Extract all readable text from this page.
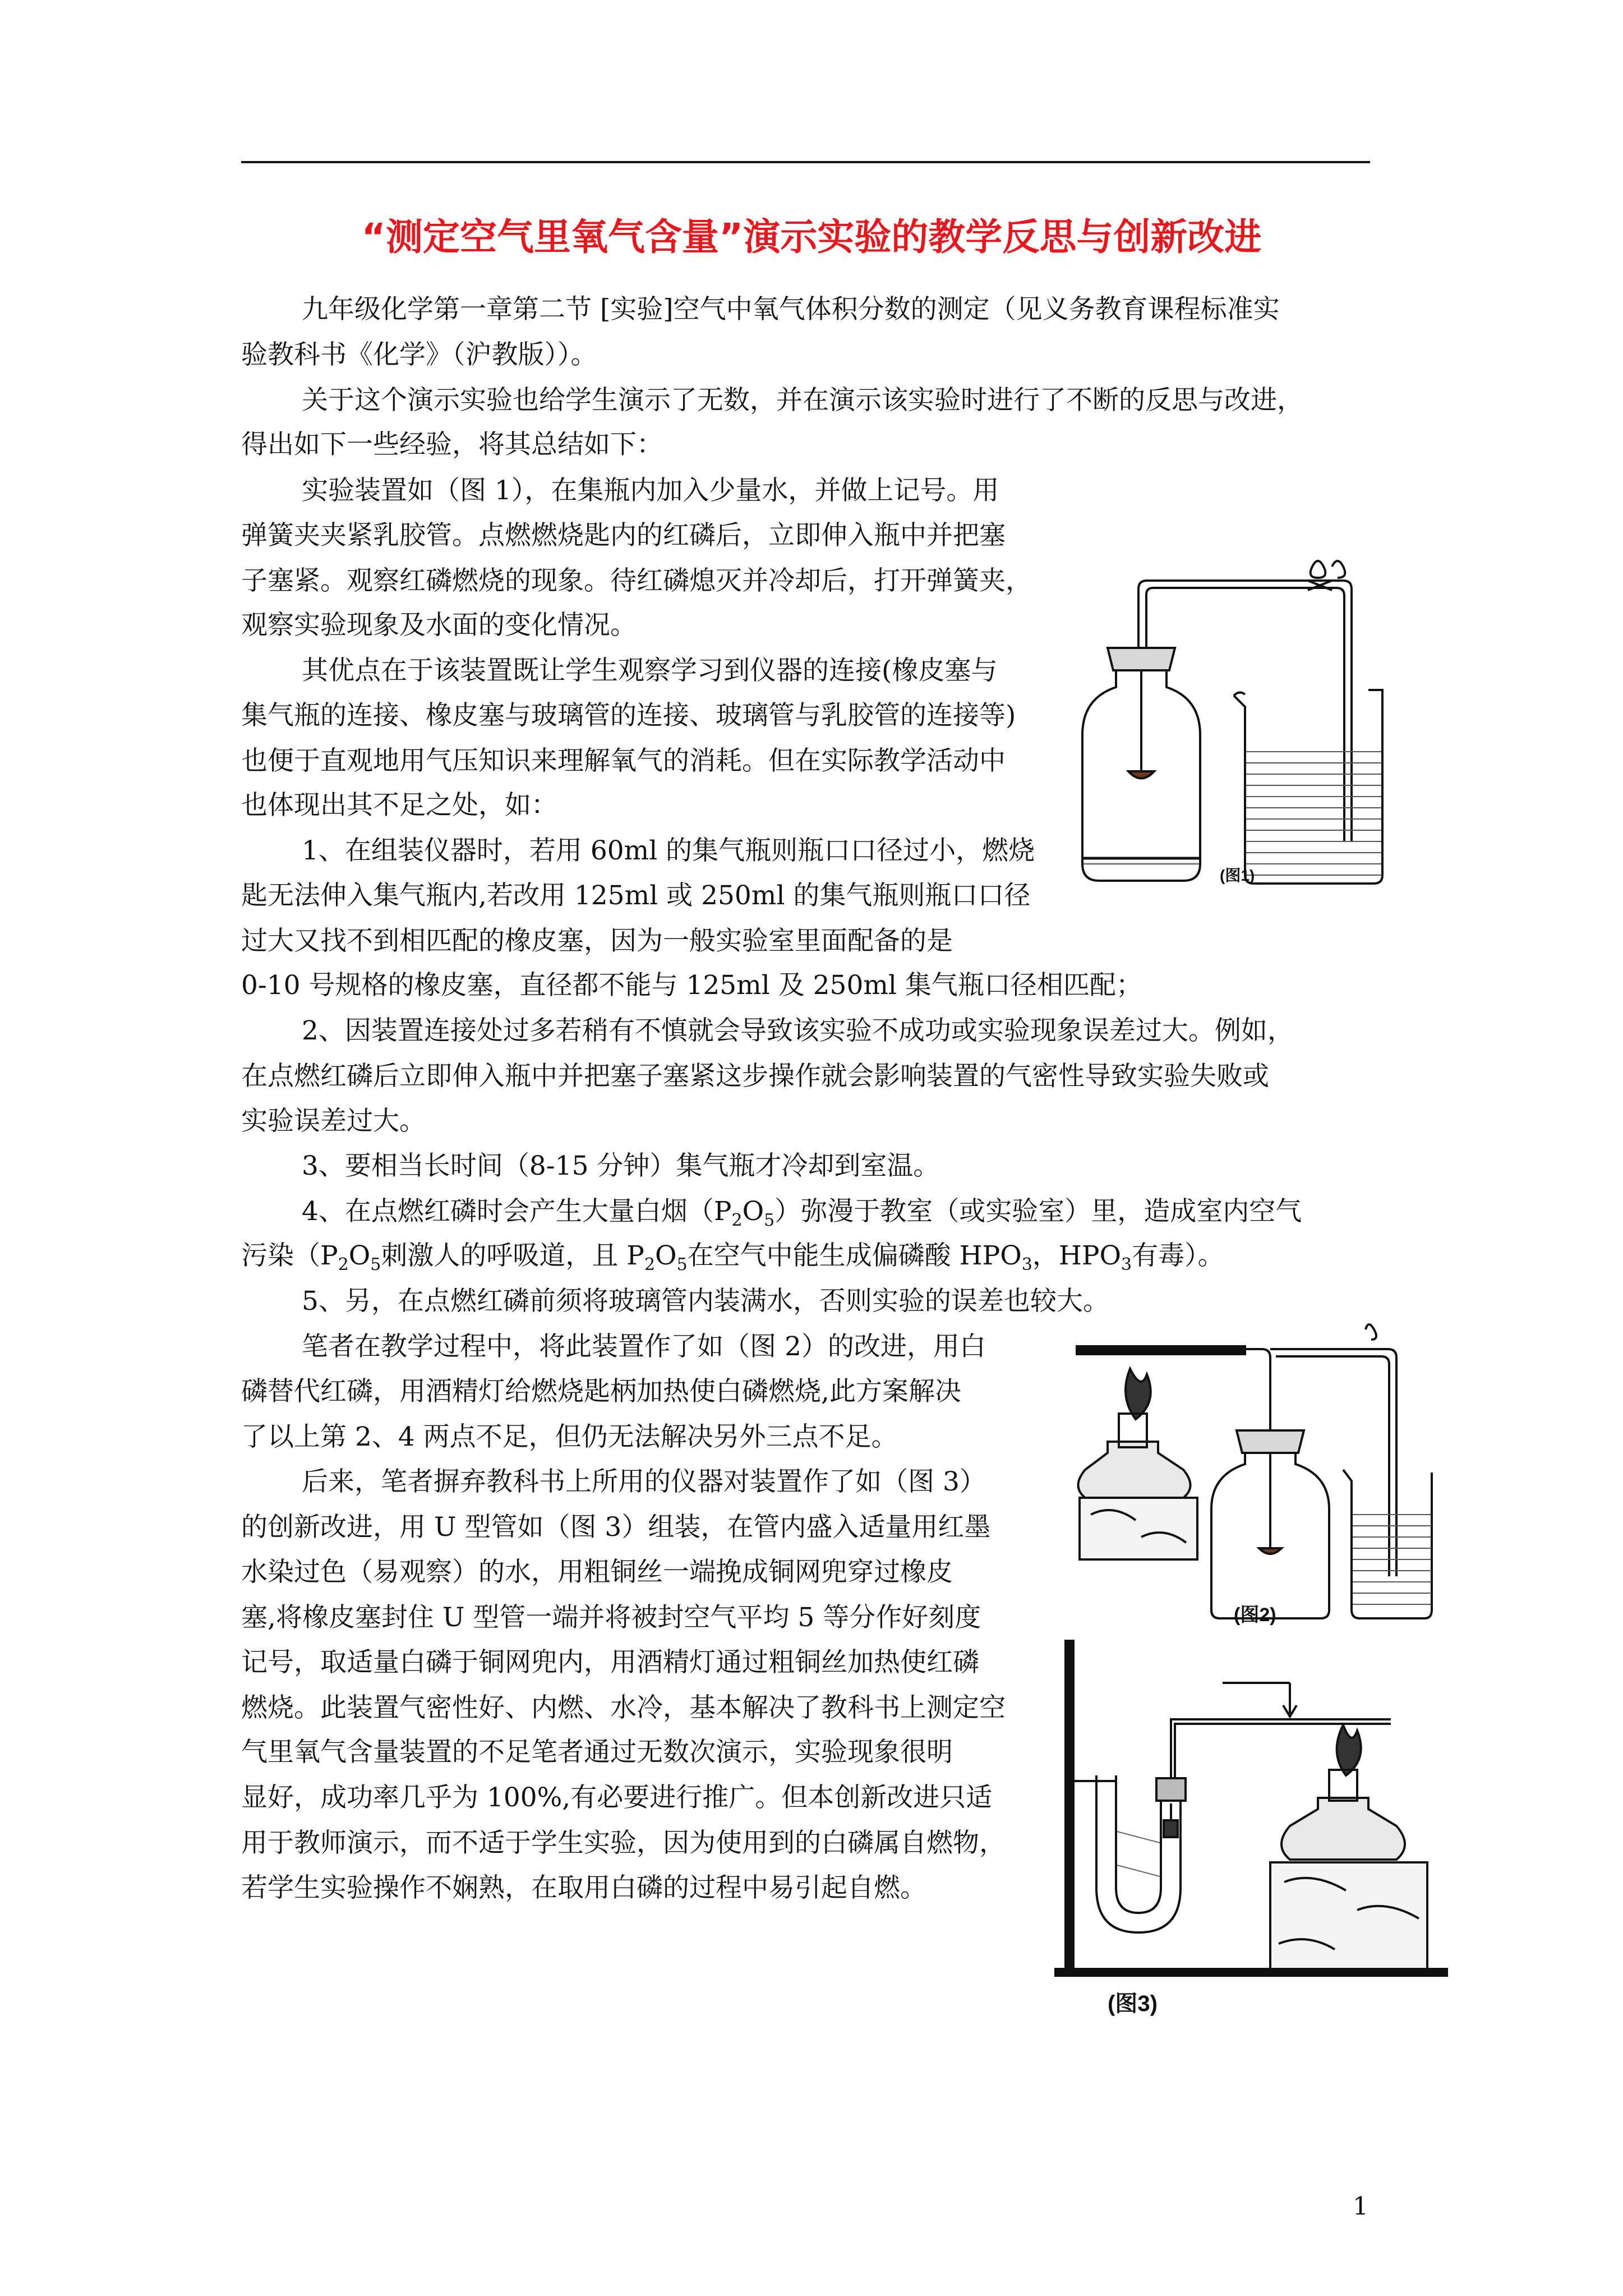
“测定空气里氧气含量”演示实验的教学反思与创新改进
九年级化学第一章第二节 [实验]空气中氧气体积分数的测定（见义务教育课程标准实
验教科书《化学》（沪教版））。
关于这个演示实验也给学生演示了无数，并在演示该实验时进行了不断的反思与改进，
得出如下一些经验，将其总结如下：
实验装置如（图 1），在集瓶内加入少量水，并做上记号。用
弹簧夹夹紧乳胶管。点燃燃烧匙内的红磷后，立即伸入瓶中并把塞
子塞紧。观察红磷燃烧的现象。待红磷熄灭并冷却后，打开弹簧夹，
观察实验现象及水面的变化情况。
其优点在于该装置既让学生观察学习到仪器的连接(橡皮塞与
集气瓶的连接、橡皮塞与玻璃管的连接、玻璃管与乳胶管的连接等)
也便于直观地用气压知识来理解氧气的消耗。但在实际教学活动中
也体现出其不足之处，如：
1、在组装仪器时，若用 60ml 的集气瓶则瓶口口径过小，燃烧
匙无法伸入集气瓶内,若改用 125ml 或 250ml 的集气瓶则瓶口口径
过大又找不到相匹配的橡皮塞，因为一般实验室里面配备的是
0-10 号规格的橡皮塞，直径都不能与 125ml 及 250ml 集气瓶口径相匹配；
2、因装置连接处过多若稍有不慎就会导致该实验不成功或实验现象误差过大。例如，
在点燃红磷后立即伸入瓶中并把塞子塞紧这步操作就会影响装置的气密性导致实验失败或
实验误差过大。
3、要相当长时间（8-15 分钟）集气瓶才冷却到室温。
4、在点燃红磷时会产生大量白烟$(P_2O_5)$弥漫于教室（或实验室）里，造成室内空气
污染（$P_2O_5$刺激人的呼吸道，且 $P_2O_5$在空气中能生成偏磷酸 $HPO_3$，$HPO_3$有毒）。
5、另，在点燃红磷前须将玻璃管内装满水，否则实验的误差也较大。
笔者在教学过程中，将此装置作了如（图 2）的改进，用白
磷替代红磷，用酒精灯给燃烧匙柄加热使白磷燃烧,此方案解决
了以上第 2、4 两点不足，但仍无法解决另外三点不足。
后来，笔者摒弃教科书上所用的仪器对装置作了如（图 3）
的创新改进，用 U 型管如（图 3）组装，在管内盛入适量用红墨
水染过色（易观察）的水，用粗铜丝一端挽成铜网兜穿过橡皮
塞,将橡皮塞封住 U 型管一端并将被封空气平均 5 等分作好刻度
记号，取适量白磷于铜网兜内，用酒精灯通过粗铜丝加热使红磷
燃烧。此装置气密性好、内燃、水冷，基本解决了教科书上测定空
气里氧气含量装置的不足笔者通过无数次演示，实验现象很明
显好，成功率几乎为 100%,有必要进行推广。但本创新改进只适
用于教师演示，而不适于学生实验，因为使用到的白磷属自燃物，
若学生实验操作不娴熟，在取用白磷的过程中易引起自燃。
(图1)
(图2)
(图3)
1
